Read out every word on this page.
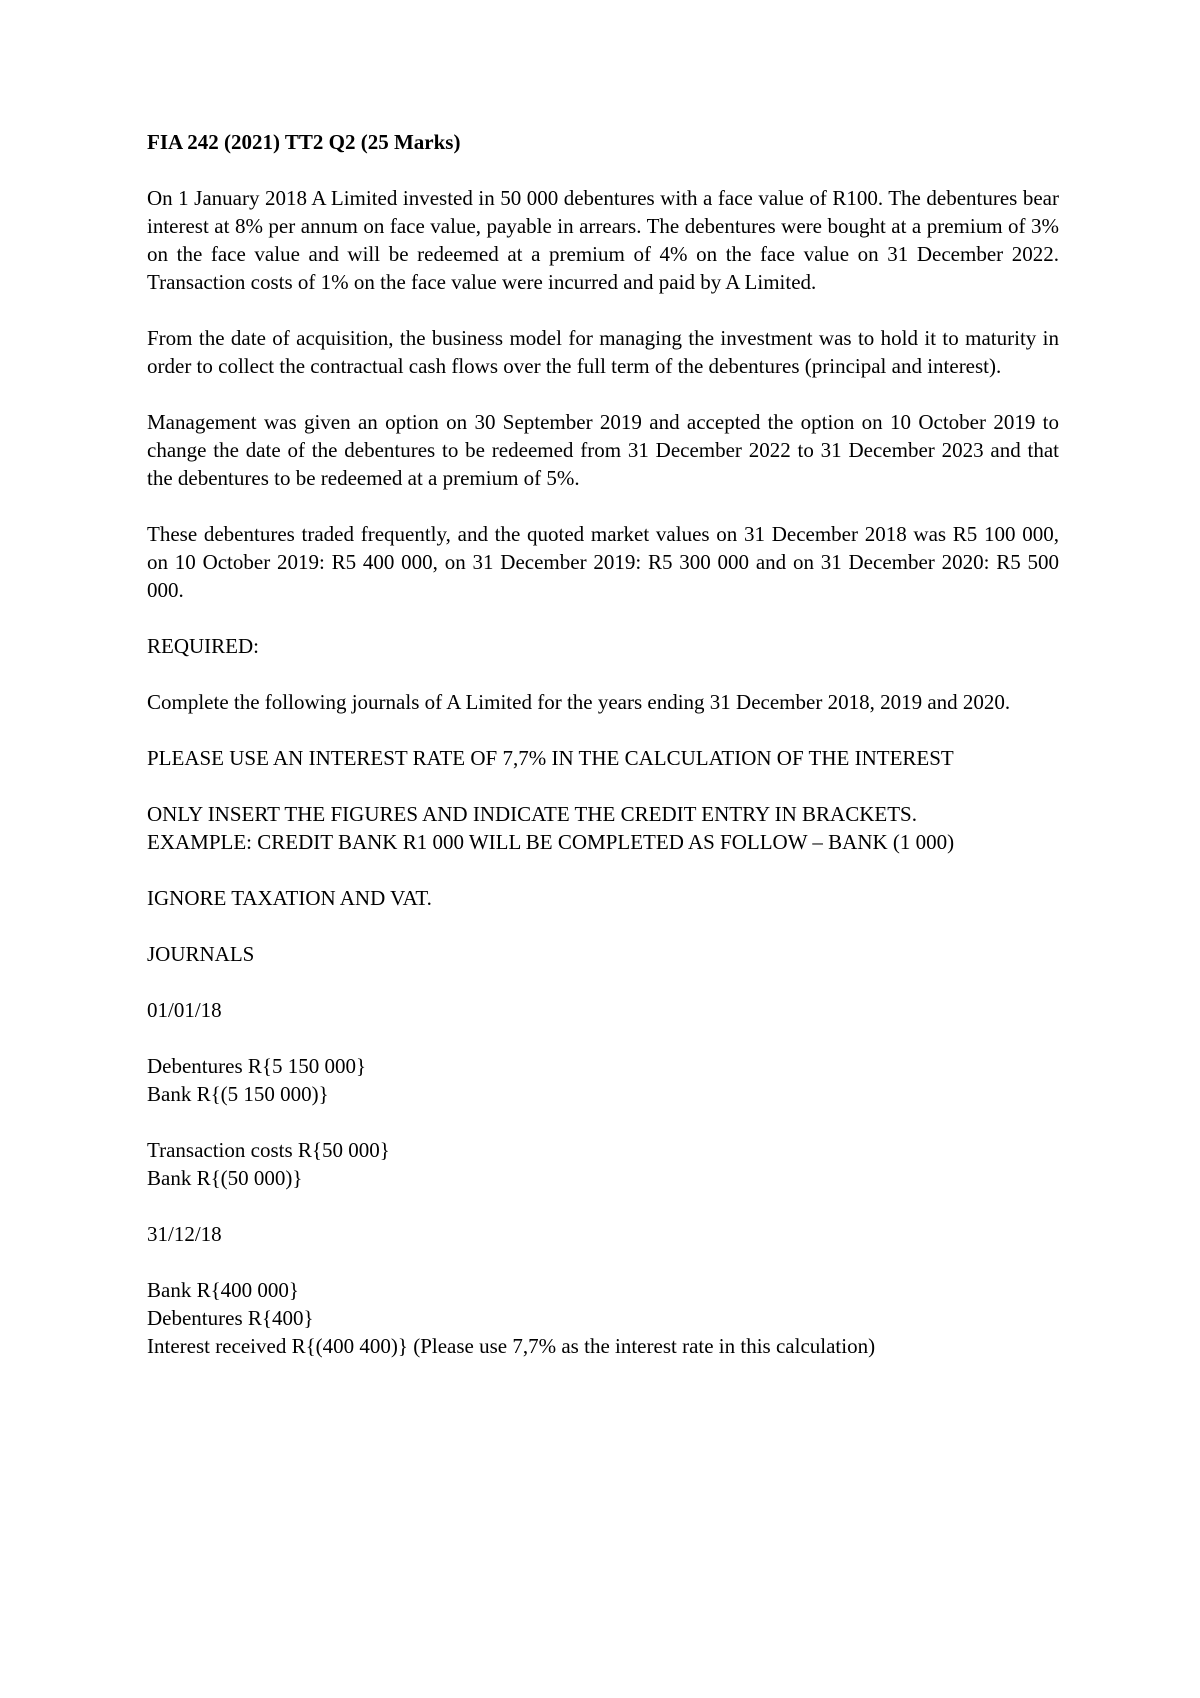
FIA 242 (2021) TT2 Q2 (25 Marks)

On 1 January 2018 A Limited invested in 50 000 debentures with a face value of R100. The debentures bear interest at 8% per annum on face value, payable in arrears. The debentures were bought at a premium of 3% on the face value and will be redeemed at a premium of 4% on the face value on 31 December 2022. Transaction costs of 1% on the face value were incurred and paid by A Limited.

From the date of acquisition, the business model for managing the investment was to hold it to maturity in order to collect the contractual cash flows over the full term of the debentures (principal and interest).

Management was given an option on 30 September 2019 and accepted the option on 10 October 2019 to change the date of the debentures to be redeemed from 31 December 2022 to 31 December 2023 and that the debentures to be redeemed at a premium of 5%.

These debentures traded frequently, and the quoted market values on 31 December 2018 was R5 100 000, on 10 October 2019: R5 400 000, on 31 December 2019: R5 300 000 and on 31 December 2020: R5 500 000.

REQUIRED:

Complete the following journals of A Limited for the years ending 31 December 2018, 2019 and 2020.

PLEASE USE AN INTEREST RATE OF 7,7% IN THE CALCULATION OF THE INTEREST

ONLY INSERT THE FIGURES AND INDICATE THE CREDIT ENTRY IN BRACKETS.
EXAMPLE: CREDIT BANK R1 000 WILL BE COMPLETED AS FOLLOW – BANK (1 000)

IGNORE TAXATION AND VAT.

JOURNALS

01/01/18

Debentures R{5 150 000}
Bank R{(5 150 000)}

Transaction costs R{50 000}
Bank R{(50 000)}

31/12/18

Bank R{400 000}
Debentures R{400}
Interest received R{(400 400)} (Please use 7,7% as the interest rate in this calculation)
